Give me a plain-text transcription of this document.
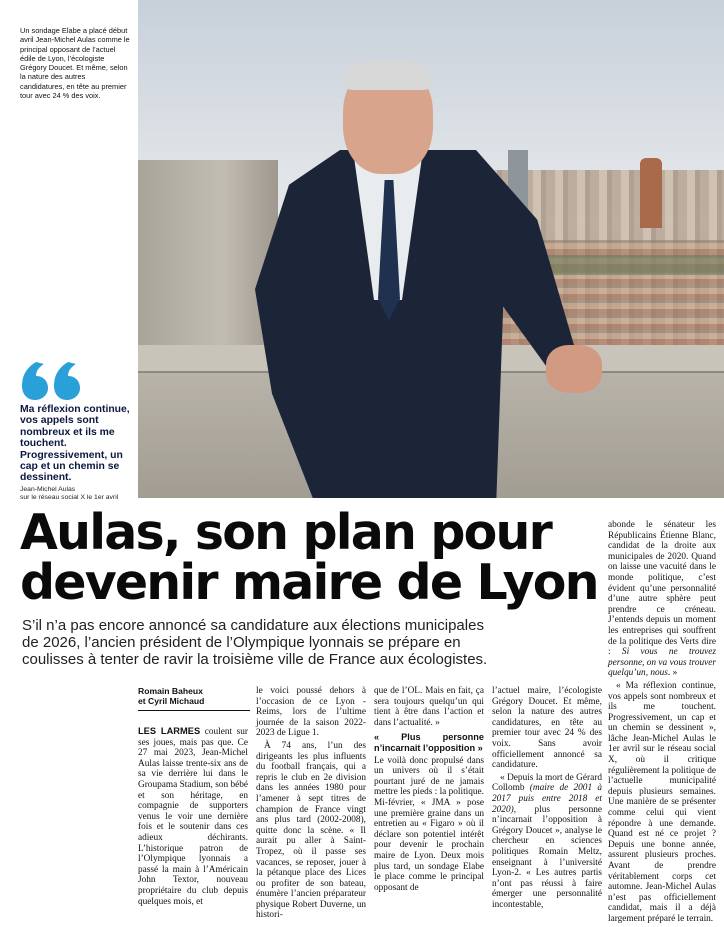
Un sondage Elabe a placé début avril Jean-Michel Aulas comme le principal opposant de l’actuel édile de Lyon, l’écologiste Grégory Doucet. Et même, selon la nature des autres candidatures, en tête au premier tour avec 24 % des voix.
Ma réflexion continue, vos appels sont nombreux et ils me touchent. Progressivement, un cap et un chemin se dessinent.
Jean-Michel Aulas
sur le réseau social X le 1er avril
Aulas, son plan pour devenir maire de Lyon
S’il n’a pas encore annoncé sa candidature aux élections municipales de 2026, l’ancien président de l’Olympique lyonnais se prépare en coulisses à tenter de ravir la troisième ville de France aux écologistes.
Romain Baheux
et Cyril Michaud

LES LARMES coulent sur ses joues, mais pas que. Ce 27 mai 2023, Jean-Michel Aulas laisse trente-six ans de sa vie derrière lui dans le Groupama Stadium, son bébé et son héritage, en compagnie de supporters venus le voir une dernière fois et le soutenir dans ces adieux déchirants. L’historique patron de l’Olympique lyonnais a passé la main à l’Américain John Textor, nouveau propriétaire du club depuis quelques mois, et

le voici poussé dehors à l’occasion de ce Lyon - Reims, lors de l’ultime journée de la saison 2022-2023 de Ligue 1.

À 74 ans, l’un des dirigeants les plus influents du football français, qui a repris le club en 2e division dans les années 1980 pour l’amener à sept titres de champion de France vingt ans plus tard (2002-2008), quitte donc la scène. « Il aurait pu aller à Saint-Tropez, où il passe ses vacances, se reposer, jouer à la pétanque place des Lices ou profiter de son bateau, énumère l’ancien préparateur physique Robert Duverne, un histori-

que de l’OL. Mais en fait, ça sera toujours quelqu’un qui tient à être dans l’action et dans l’actualité. »

« Plus personne n’incarnait l’opposition »

Le voilà donc propulsé dans un univers où il s’était pourtant juré de ne jamais mettre les pieds : la politique. Mi-février, « JMA » pose une première graine dans un entretien au « Figaro » où il déclare son potentiel intérêt pour devenir le prochain maire de Lyon. Deux mois plus tard, un sondage Elabe le place comme le principal opposant de

l’actuel maire, l’écologiste Grégory Doucet. Et même, selon la nature des autres candidatures, en tête au premier tour avec 24 % des voix. Sans avoir officiellement annoncé sa candidature.

« Depuis la mort de Gérard Collomb (maire de 2001 à 2017 puis entre 2018 et 2020), plus personne n’incarnait l’opposition à Grégory Doucet », analyse le chercheur en sciences politiques Romain Meltz, enseignant à l’université Lyon-2. « Les autres partis n’ont pas réussi à faire émerger une personnalité incontestable,

abonde le sénateur les Républicains Étienne Blanc, candidat de la droite aux municipales de 2020. Quand on laisse une vacuité dans le monde politique, c’est évident qu’une personnalité d’une autre sphère peut prendre ce créneau. J’entends depuis un moment les entreprises qui souffrent de la politique des Verts dire : Si vous ne trouvez personne, on va vous trouver quelqu’un, nous. »

« Ma réflexion continue, vos appels sont nombreux et ils me touchent. Progressivement, un cap et un chemin se dessinent », lâche Jean-Michel Aulas le 1er avril sur le réseau social X, où il critique régulièrement la politique de l’actuelle municipalité depuis plusieurs semaines. Une manière de se présenter comme celui qui vient répondre à une demande. Quand est né ce projet ? Depuis une bonne année, assurent plusieurs proches. Avant de prendre véritablement corps cet automne. Jean-Michel Aulas n’est pas officiellement candidat, mais il a déjà largement préparé le terrain.
